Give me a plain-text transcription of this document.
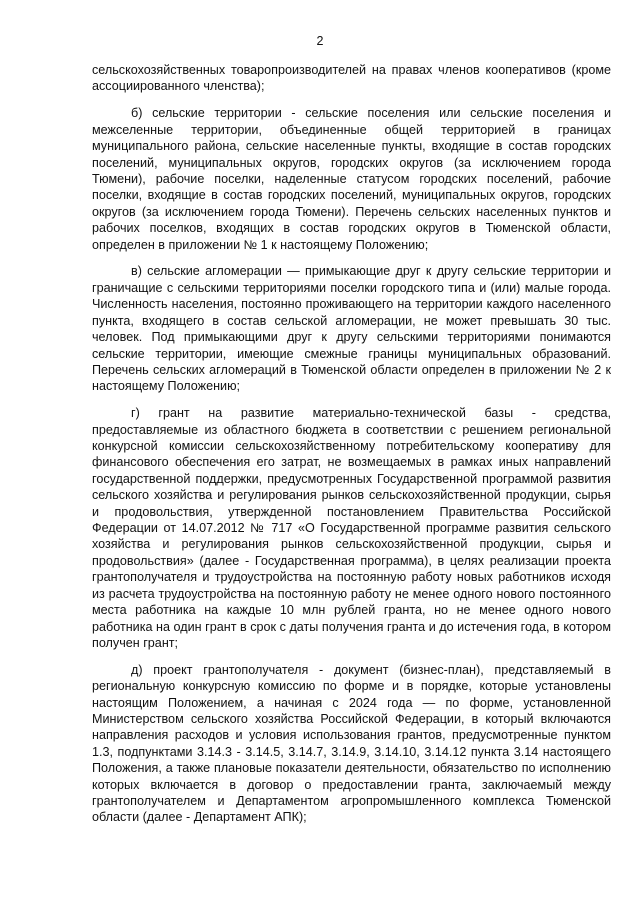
2

сельскохозяйственных товаропроизводителей на правах членов кооперативов (кроме ассоциированного членства);

б) сельские территории - сельские поселения или сельские поселения и межселенные территории, объединенные общей территорией в границах муниципального района, сельские населенные пункты, входящие в состав городских поселений, муниципальных округов, городских округов (за исключением города Тюмени), рабочие поселки, наделенные статусом городских поселений, рабочие поселки, входящие в состав городских поселений, муниципальных округов, городских округов (за исключением города Тюмени). Перечень сельских населенных пунктов и рабочих поселков, входящих в состав городских округов в Тюменской области, определен в приложении № 1 к настоящему Положению;

в) сельские агломерации — примыкающие друг к другу сельские территории и граничащие с сельскими территориями поселки городского типа и (или) малые города. Численность населения, постоянно проживающего на территории каждого населенного пункта, входящего в состав сельской агломерации, не может превышать 30 тыс. человек. Под примыкающими друг к другу сельскими территориями понимаются сельские территории, имеющие смежные границы муниципальных образований. Перечень сельских агломераций в Тюменской области определен в приложении № 2 к настоящему Положению;

г) грант на развитие материально-технической базы - средства, предоставляемые из областного бюджета в соответствии с решением региональной конкурсной комиссии сельскохозяйственному потребительскому кооперативу для финансового обеспечения его затрат, не возмещаемых в рамках иных направлений государственной поддержки, предусмотренных Государственной программой развития сельского хозяйства и регулирования рынков сельскохозяйственной продукции, сырья и продовольствия, утвержденной постановлением Правительства Российской Федерации от 14.07.2012 № 717 «О Государственной программе развития сельского хозяйства и регулирования рынков сельскохозяйственной продукции, сырья и продовольствия» (далее - Государственная программа), в целях реализации проекта грантополучателя и трудоустройства на постоянную работу новых работников исходя из расчета трудоустройства на постоянную работу не менее одного нового постоянного места работника на каждые 10 млн рублей гранта, но не менее одного нового работника на один грант в срок с даты получения гранта и до истечения года, в котором получен грант;

д) проект грантополучателя - документ (бизнес-план), представляемый в региональную конкурсную комиссию по форме и в порядке, которые установлены настоящим Положением, а начиная с 2024 года — по форме, установленной Министерством сельского хозяйства Российской Федерации, в который включаются направления расходов и условия использования грантов, предусмотренные пунктом 1.3, подпунктами 3.14.3 - 3.14.5, 3.14.7, 3.14.9, 3.14.10, 3.14.12 пункта 3.14 настоящего Положения, а также плановые показатели деятельности, обязательство по исполнению которых включается в договор о предоставлении гранта, заключаемый между грантополучателем и Департаментом агропромышленного комплекса Тюменской области (далее - Департамент АПК);
